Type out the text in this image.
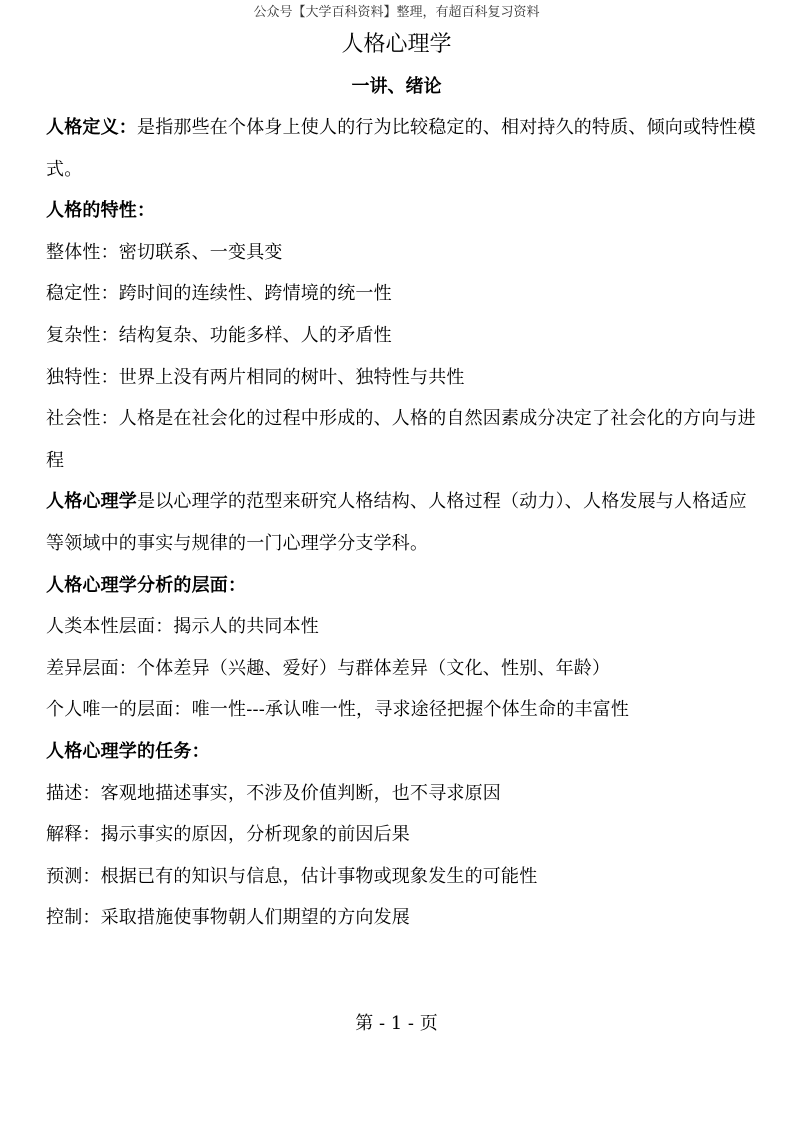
公众号【大学百科资料】整理，有超百科复习资料
人格心理学
一讲、绪论

人格定义：是指那些在个体身上使人的行为比较稳定的、相对持久的特质、倾向或特性模式。

人格的特性：

整体性：密切联系、一变具变

稳定性：跨时间的连续性、跨情境的统一性

复杂性：结构复杂、功能多样、人的矛盾性

独特性：世界上没有两片相同的树叶、独特性与共性

社会性：人格是在社会化的过程中形成的、人格的自然因素成分决定了社会化的方向与进程

人格心理学是以心理学的范型来研究人格结构、人格过程（动力）、人格发展与人格适应等领域中的事实与规律的一门心理学分支学科。

人格心理学分析的层面：

人类本性层面：揭示人的共同本性

差异层面：个体差异（兴趣、爱好）与群体差异（文化、性别、年龄）

个人唯一的层面：唯一性---承认唯一性，寻求途径把握个体生命的丰富性

人格心理学的任务：

描述：客观地描述事实，不涉及价值判断，也不寻求原因

解释：揭示事实的原因，分析现象的前因后果

预测：根据已有的知识与信息，估计事物或现象发生的可能性

控制：采取措施使事物朝人们期望的方向发展

第 - 1 - 页
